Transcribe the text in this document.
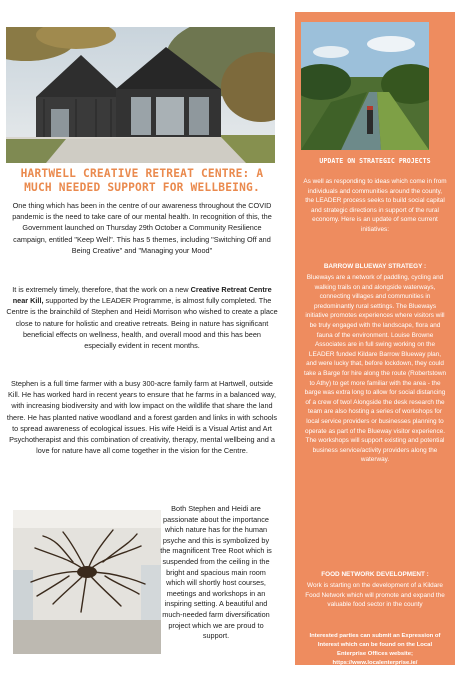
HARTWELL CREATIVE RETREAT CENTRE: A MUCH NEEDED SUPPORT FOR WELLBEING.

One thing which has been in the centre of our awareness throughout the COVID pandemic is the need to take care of our mental health. In recognition of this, the Government launched on Thursday 29th October a Community Resilience campaign, entitled "Keep Well". This has 5 themes, including "Switching Off and Being Creative" and "Managing your Mood"

It is extremely timely, therefore, that the work on a new Creative Retreat Centre near Kill, supported by the LEADER Programme, is almost fully completed. The Centre is the brainchild of Stephen and Heidi Morrison who wished to create a place close to nature for holistic and creative retreats. Being in nature has significant beneficial effects on wellness, health, and overall mood and this has been especially evident in recent months.

Stephen is a full time farmer with a busy 300-acre family farm at Hartwell, outside Kill. He has worked hard in recent years to ensure that he farms in a balanced way, with increasing biodiversity and with low impact on the wildlife that share the land there. He has planted native woodland and a forest garden and links in with schools to spread awareness of ecological issues. His wife Heidi is a Visual Artist and Art Psychotherapist and this combination of creativity, therapy, mental wellbeing and a love for nature have all come together in the vision for the Centre.

Both Stephen and Heidi are passionate about the importance which nature has for the human psyche and this is symbolized by the magnificent Tree Root which is suspended from the ceiling in the bright and spacious main room which will shortly host courses, meetings and workshops in an inspiring setting. A beautiful and much-needed farm diversification project which we are proud to support.

UPDATE ON STRATEGIC PROJECTS

As well as responding to ideas which come in from individuals and communities around the county, the LEADER process seeks to build social capital and strategic directions in support of the rural economy. Here is an update of some current initiatives:

BARROW BLUEWAY STRATEGY :

Blueways are a network of paddling, cycling and walking trails on and alongside waterways, connecting villages and communities in predominantly rural settings. The Blueways initiative promotes experiences where visitors will be truly engaged with the landscape, flora and fauna of the environment. Louise Browne Associates are in full swing working on the LEADER funded Kildare Barrow Blueway plan, and were lucky that, before lockdown, they could take a Barge for hire along the route (Robertstown to Athy) to get more familiar with the area - the barge was extra long to allow for social distancing of a crew of two! Alongside the desk research the team are also hosting a series of workshops for local service providers or businesses planning to operate as part of the Blueway visitor experience. The workshops will support existing and potential business service/activity providers along the waterway.

FOOD NETWORK DEVELOPMENT :

Work is starting on the development of a Kildare Food Network which will promote and expand the valuable food sector in the county

Interested parties can submit an Expression of Interest which can be found on the Local Enterprise Offices website; https://www.localenterprise.ie/
